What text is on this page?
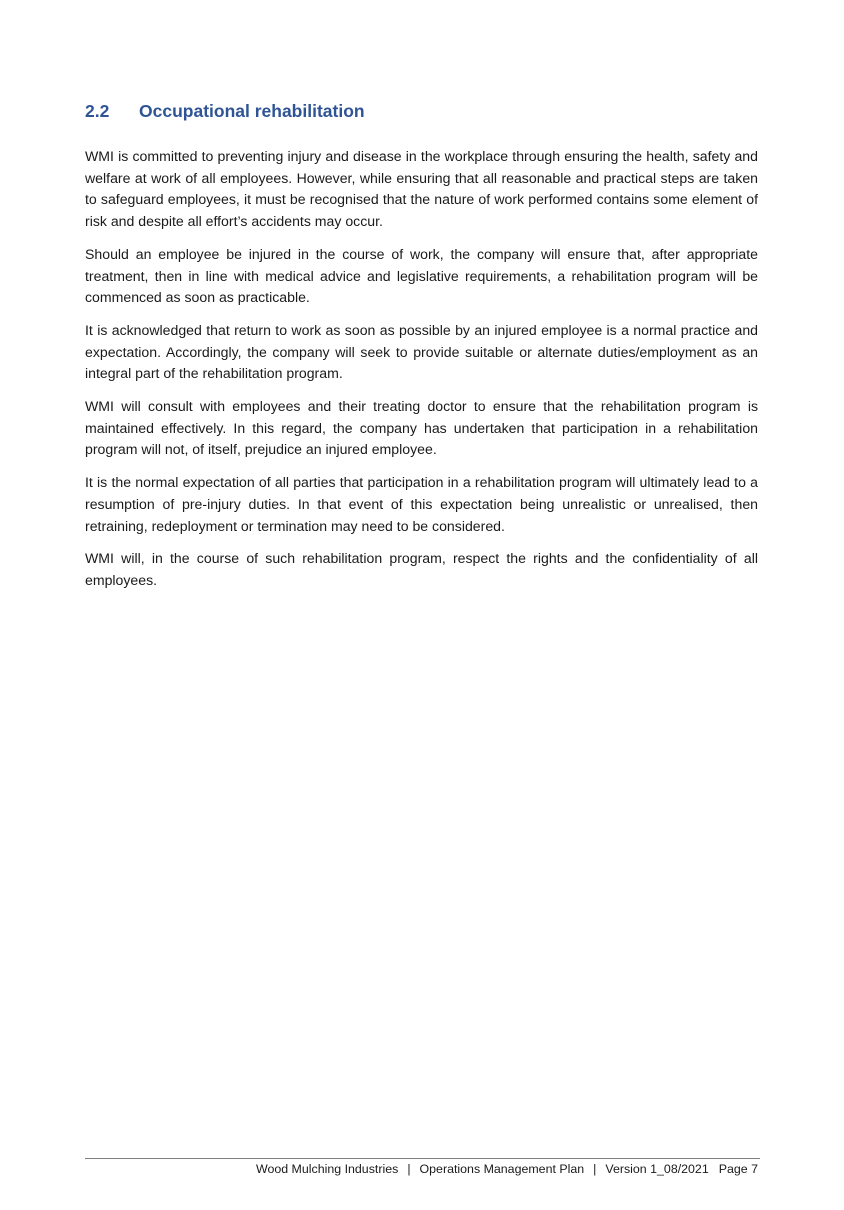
2.2 Occupational rehabilitation

WMI is committed to preventing injury and disease in the workplace through ensuring the health, safety and welfare at work of all employees. However, while ensuring that all reasonable and practical steps are taken to safeguard employees, it must be recognised that the nature of work performed contains some element of risk and despite all effort’s accidents may occur.

Should an employee be injured in the course of work, the company will ensure that, after appropriate treatment, then in line with medical advice and legislative requirements, a rehabilitation program will be commenced as soon as practicable.

It is acknowledged that return to work as soon as possible by an injured employee is a normal practice and expectation. Accordingly, the company will seek to provide suitable or alternate duties/employment as an integral part of the rehabilitation program.

WMI will consult with employees and their treating doctor to ensure that the rehabilitation program is maintained effectively. In this regard, the company has undertaken that participation in a rehabilitation program will not, of itself, prejudice an injured employee.

It is the normal expectation of all parties that participation in a rehabilitation program will ultimately lead to a resumption of pre-injury duties. In that event of this expectation being unrealistic or unrealised, then retraining, redeployment or termination may need to be considered.

WMI will, in the course of such rehabilitation program, respect the rights and the confidentiality of all employees.

Wood Mulching Industries | Operations Management Plan | Version 1_08/2021 Page 7
